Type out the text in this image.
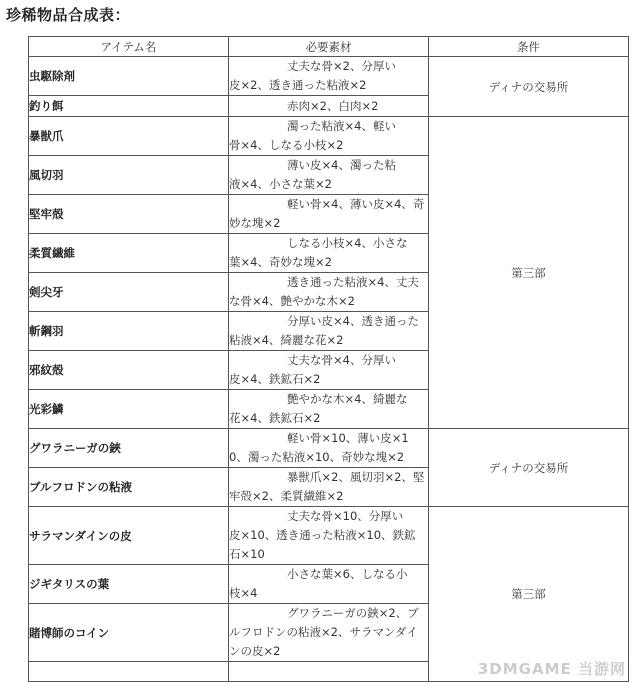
珍稀物品合成表：
アイテム名	必要素材	条件
虫駆除剤	丈夫な骨×2、分厚い
皮×2、透き通った粘液×2	ディナの交易所
釣り餌	赤肉×2、白肉×2	
暴獣爪	濁った粘液×4、軽い
骨×4、しなる小枝×2	第三部
風切羽	薄い皮×4、濁った粘
液×4、小さな葉×2	
堅牢殻	軽い骨×4、薄い皮×4、奇
妙な塊×2	
柔質繊維	しなる小枝×4、小さな
葉×4、奇妙な塊×2	
剣尖牙	透き通った粘液×4、丈夫
な骨×4、艶やかな木×2	
斬鋼羽	分厚い皮×4、透き通った
粘液×4、綺麗な花×2	
邪紋殻	丈夫な骨×4、分厚い
皮×4、鉄鉱石×2	
光彩鱗	艶やかな木×4、綺麗な
花×4、鉄鉱石×2	
グワラニーガの鋏	軽い骨×10、薄い皮×1
0、濁った粘液×10、奇妙な塊×2	ディナの交易所
ブルフロドンの粘液	暴獣爪×2、風切羽×2、堅
牢殻×2、柔質繊維×2	
サラマンダインの皮	丈夫な骨×10、分厚い
皮×10、透き通った粘液×10、鉄鉱
石×10	第三部
ジギタリスの葉	小さな葉×6、しなる小
枝×4	
賭博師のコイン	グワラニーガの鋏×2、ブ
ルフロドンの粘液×2、サラマンダイ
ンの皮×2	

3DMGAME 当游网
